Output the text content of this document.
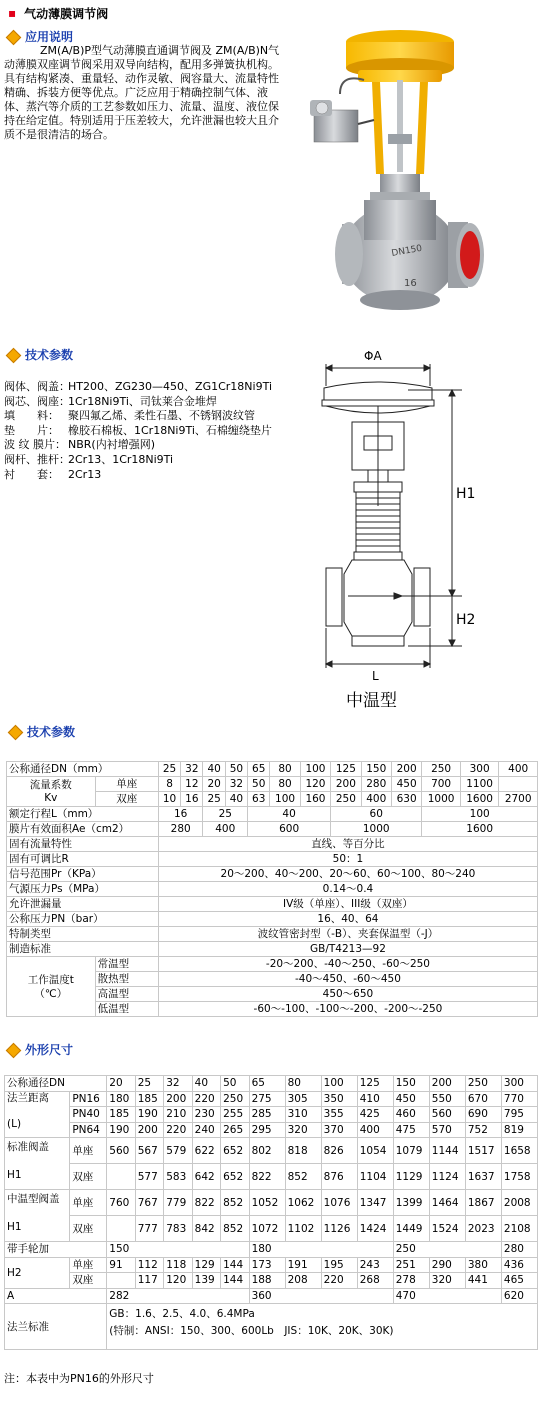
▪ 气动薄膜调节阀
应用说明
ZM(A/B)P型气动薄膜直通调节阀及 ZM(A/B)N气动薄膜双座调节阀采用双导向结构，配用多弹簧执机构。具有结构紧凑、重量轻、动作灵敏、阀容量大、流量特性精确、拆装方便等优点。广泛应用于精确控制气体、液体、蒸汽等介质的工艺参数如压力、流量、温度、液位保持在给定值。特别适用于压差较大，允许泄漏也较大且介质不是很清洁的场合。
DN150
16
技术参数
阀体、阀盖：
HT200、ZG230—450、ZG1Cr18Ni9Ti
阀芯、阀座：
1Cr18Ni9Ti、司钛莱合金堆焊
填　　料： 聚四氟乙烯、柔性石墨、不锈钢波纹管
垫　　片： 橡胶石棉板、1Cr18Ni9Ti、石棉缠绕垫片
波 纹 膜片： NBR(内衬增强网)
阀杆、推杆：
2Cr13、1Cr18Ni9Ti
衬　　套： 2Cr13
ΦA
H1
H2
L
中温型
技术参数
公称通径DN（mm）		25	32	40	50	65	80	100	125	150	200	250	300	400
流量系数
Kv	单座	8	12	20	32	50	80	120	200	280	450	700	1100	
	双座	10	16	25	40	63	100	160	250	400	630	1000	1600	2700
额定行程L（mm）		16		25		40			60			100		
膜片有效面积Ae（cm2）		280		400		600			1000			1600		
固有流量特性		直线、等百分比												
固有可调比R		50：1												
信号范围Pr（KPa）		20～200、40～200、20～60、60～100、80～240												
气源压力Ps（MPa）		0.14～0.4												
允许泄漏量		IV级（单座）、III级（双座）												
公称压力PN（bar）		16、40、64												
特制类型		波纹管密封型（-B）、夹套保温型（-J）												
制造标准		GB/T4213—92												
工作温度t
（℃）	常温型	-20～200、-40～250、-60～250												
	散热型	-40～450、-60～450												
	高温型	450～650												
	低温型	-60～-100、-100～-200、-200～-250												
外形尺寸
公称通径DN		20	25	32	40	50	65	80	100	125	150	200	250	300
法兰距离

(L)	PN16	180	185	200	220	250	275	305	350	410	450	550	670	770
	PN40	185	190	210	230	255	285	310	355	425	460	560	690	795
	PN64	190	200	220	240	265	295	320	370	400	475	570	752	819
标准阀盖

H1	单座	560	567	579	622	652	802	818	826	1054	1079	1144	1517	1658
	双座		577	583	642	652	822	852	876	1104	1129	1124	1637	1758
中温型阀盖

H1	单座	760	767	779	822	852	1052	1062	1076	1347	1399	1464	1867	2008
	双座		777	783	842	852	1072	1102	1126	1424	1449	1524	2023	2108
带手轮加		150					180				250			280
H2	单座	91	112	118	129	144	173	191	195	243	251	290	380	436
	双座		117	120	139	144	188	208	220	268	278	320	441	465
A		282					360				470			620
法兰标准		GB：1.6、2.5、4.0、6.4MPa
(特制：ANSI：150、300、600Lb　JIS：10K、20K、30K)												
注：本表中为PN16的外形尺寸
